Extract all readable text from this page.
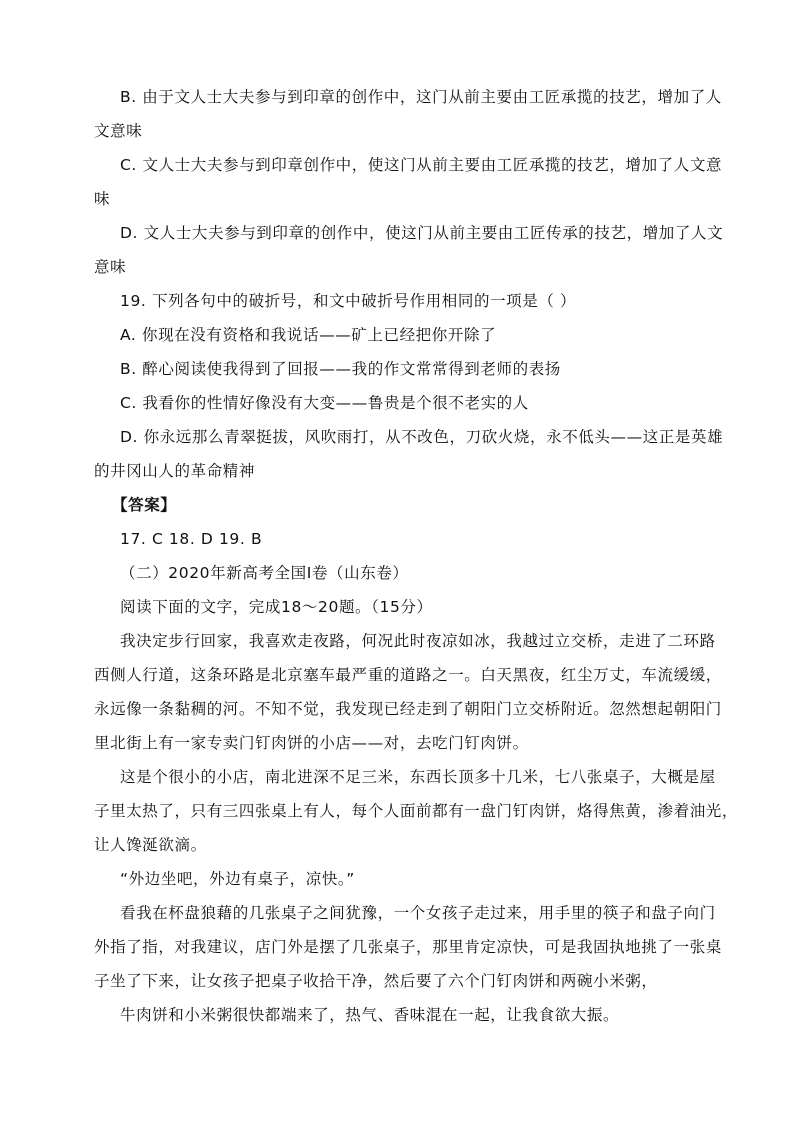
B. 由于文人士大夫参与到印章的创作中，这门从前主要由工匠承揽的技艺，增加了人
文意味
C. 文人士大夫参与到印章创作中，使这门从前主要由工匠承揽的技艺，增加了人文意
味
D. 文人士大夫参与到印章的创作中，使这门从前主要由工匠传承的技艺，增加了人文
意味
19. 下列各句中的破折号，和文中破折号作用相同的一项是（ ）
A. 你现在没有资格和我说话——矿上已经把你开除了
B. 醉心阅读使我得到了回报——我的作文常常得到老师的表扬
C. 我看你的性情好像没有大变——鲁贵是个很不老实的人
D. 你永远那么青翠挺拔，风吹雨打，从不改色，刀砍火烧，永不低头——这正是英雄
的井冈山人的革命精神
【答案】
17. C 18. D 19. B
（二）2020年新高考全国Ⅰ卷（山东卷）
阅读下面的文字，完成18～20题。（15分）
我决定步行回家，我喜欢走夜路，何况此时夜凉如冰，我越过立交桥，走进了二环路
西侧人行道，这条环路是北京塞车最严重的道路之一。白天黑夜，红尘万丈，车流缓缓，
永远像一条黏稠的河。不知不觉，我发现已经走到了朝阳门立交桥附近。忽然想起朝阳门
里北街上有一家专卖门钉肉饼的小店——对，去吃门钉肉饼。
这是个很小的小店，南北进深不足三米，东西长顶多十几米，七八张桌子，大概是屋
子里太热了，只有三四张桌上有人，每个人面前都有一盘门钉肉饼，烙得焦黄，渗着油光，
让人馋涎欲滴。
“外边坐吧，外边有桌子，凉快。”
看我在杯盘狼藉的几张桌子之间犹豫，一个女孩子走过来，用手里的筷子和盘子向门
外指了指，对我建议，店门外是摆了几张桌子，那里肯定凉快，可是我固执地挑了一张桌
子坐了下来，让女孩子把桌子收拾干净，然后要了六个门钉肉饼和两碗小米粥，
牛肉饼和小米粥很快都端来了，热气、香味混在一起，让我食欲大振。
